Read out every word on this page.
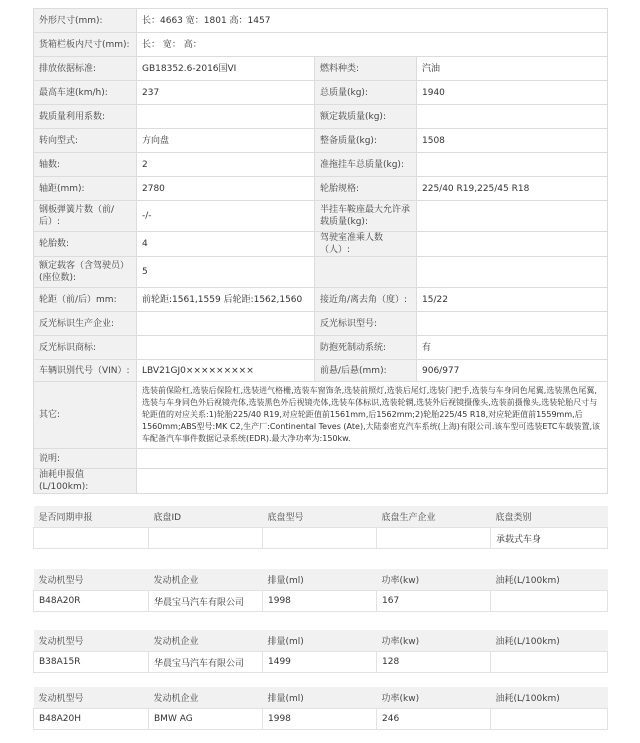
外形尺寸(mm):	长：4663 宽：1801 高：1457		
货箱栏板内尺寸(mm):	长： 宽： 高：		
排放依据标准:	GB18352.6-2016国VI	燃料种类:	汽油
最高车速(km/h):	237	总质量(kg):	1940
载质量利用系数:		额定载质量(kg):	
转向型式:	方向盘	整备质量(kg):	1508
轴数:	2	准拖挂车总质量(kg):	
轴距(mm):	2780	轮胎规格:	225/40 R19,225/45 R18
钢板弹簧片数（前/后）:	-/-	半挂车鞍座最大允许承载质量(kg):	
轮胎数:	4	驾驶室准乘人数（人）:	
额定载客（含驾驶员）(座位数):	5		
轮距（前/后）mm:	前轮距:1561,1559 后轮距:1562,1560	接近角/离去角（度）:	15/22
反光标识生产企业:		反光标识型号:	
反光标识商标:		防抱死制动系统:	有
车辆识别代号（VIN）:	LBV21GJ0×××××××××	前悬/后悬(mm):	906/977
其它:	选装前保险杠,选装后保险杠,选装进气格栅,选装车窗饰条,选装前照灯,选装后尾灯,选装门把手,选装与车身同色尾翼,选装黑色尾翼,选装与车身同色外后视镜壳体,选装黑色外后视镜壳体,选装车体标识,选装轮辋,选装外后视镜摄像头,选装前摄像头,选装轮胎尺寸与轮距值的对应关系:1)轮胎225/40 R19,对应轮距值前1561mm,后1562mm;2)轮胎225/45 R18,对应轮距值前1559mm,后1560mm;ABS型号:MK C2,生产厂:Continental Teves (Ate),大陆泰密克汽车系统(上海)有限公司.该车型可选装ETC车载装置,该车配备汽车事件数据记录系统(EDR).最大净功率为:150kw.		
说明:			
油耗申报值(L/100km):			
是否同期申报	底盘ID	底盘型号	底盘生产企业	底盘类别
				承载式车身
发动机型号	发动机企业	排量(ml)	功率(kw)	油耗(L/100km)
B48A20R	华晨宝马汽车有限公司	1998	167	
发动机型号	发动机企业	排量(ml)	功率(kw)	油耗(L/100km)
B38A15R	华晨宝马汽车有限公司	1499	128	
发动机型号	发动机企业	排量(ml)	功率(kw)	油耗(L/100km)
B48A20H	BMW AG	1998	246	
